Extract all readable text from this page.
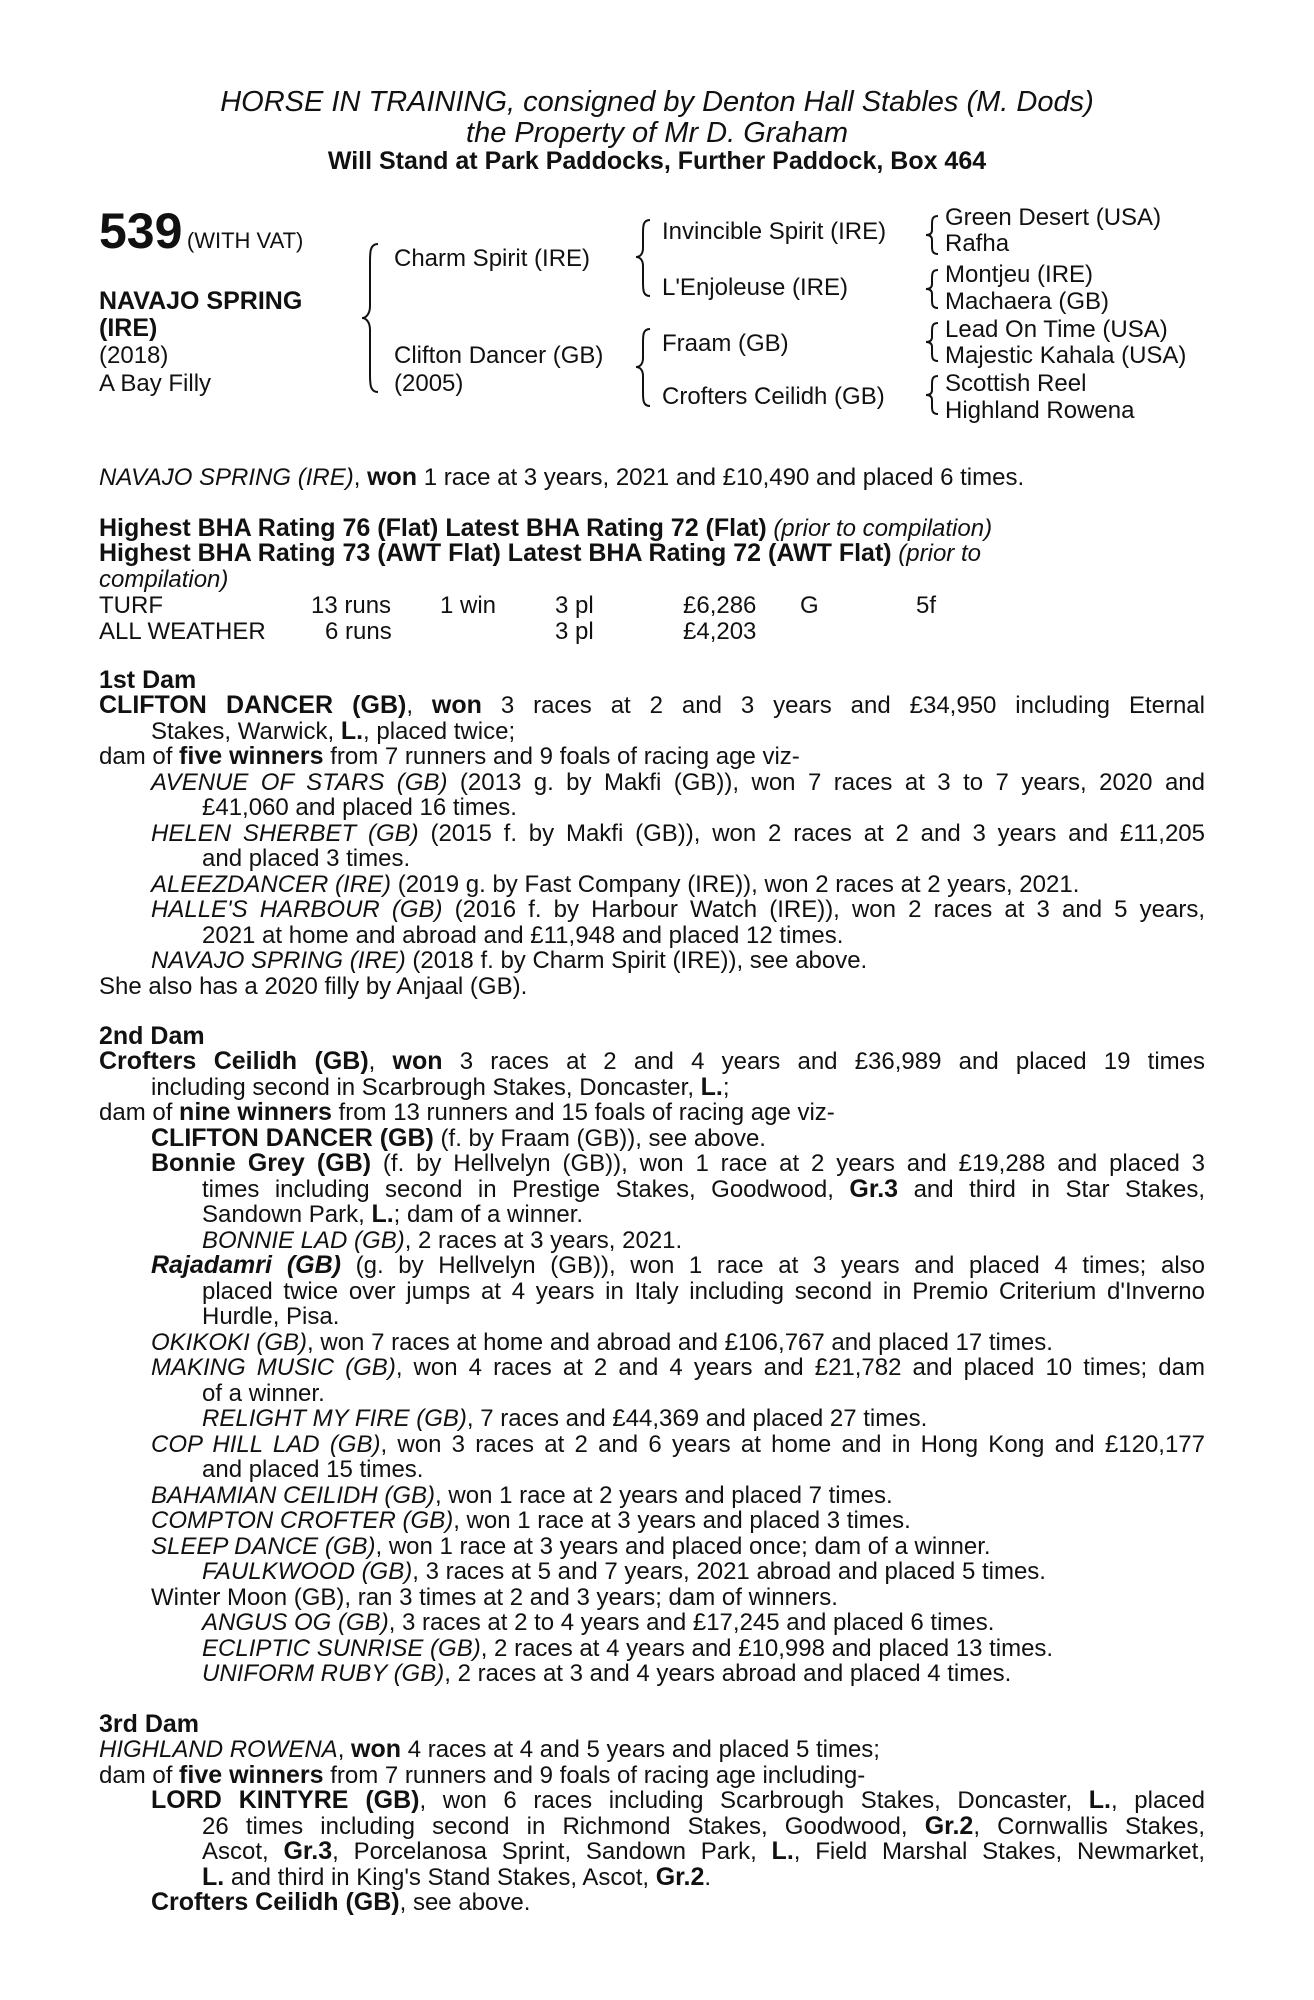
HORSE IN TRAINING, consigned by Denton Hall Stables (M. Dods)
the Property of Mr D. Graham
Will Stand at Park Paddocks, Further Paddock, Box 464
539 (WITH VAT)
NAVAJO SPRING
(IRE)
(2018)
A Bay Filly
Charm Spirit (IRE)
Clifton Dancer (GB)
(2005)
Invincible Spirit (IRE)
L'Enjoleuse (IRE)
Fraam (GB)
Crofters Ceilidh (GB)
Green Desert (USA)
Rafha
Montjeu (IRE)
Machaera (GB)
Lead On Time (USA)
Majestic Kahala (USA)
Scottish Reel
Highland Rowena
NAVAJO SPRING (IRE), won 1 race at 3 years, 2021 and £10,490 and placed 6 times.
Highest BHA Rating 76 (Flat) Latest BHA Rating 72 (Flat) (prior to compilation)
Highest BHA Rating 73 (AWT Flat) Latest BHA Rating 72 (AWT Flat) (prior to
compilation)
TURF	13 runs 1 win 3 pl	£6,286 G	5f
ALL WEATHER 6 runs	3 pl	£4,203
1st Dam
CLIFTON DANCER (GB), won 3 races at 2 and 3 years and £34,950 including Eternal
Stakes, Warwick, L., placed twice;
dam of five winners from 7 runners and 9 foals of racing age viz-
AVENUE OF STARS (GB) (2013 g. by Makfi (GB)), won 7 races at 3 to 7 years, 2020 and
£41,060 and placed 16 times.
HELEN SHERBET (GB) (2015 f. by Makfi (GB)), won 2 races at 2 and 3 years and £11,205
and placed 3 times.
ALEEZDANCER (IRE) (2019 g. by Fast Company (IRE)), won 2 races at 2 years, 2021.
HALLE'S HARBOUR (GB) (2016 f. by Harbour Watch (IRE)), won 2 races at 3 and 5 years,
2021 at home and abroad and £11,948 and placed 12 times.
NAVAJO SPRING (IRE) (2018 f. by Charm Spirit (IRE)), see above.
She also has a 2020 filly by Anjaal (GB).
2nd Dam
Crofters Ceilidh (GB), won 3 races at 2 and 4 years and £36,989 and placed 19 times
including second in Scarbrough Stakes, Doncaster, L.;
dam of nine winners from 13 runners and 15 foals of racing age viz-
CLIFTON DANCER (GB) (f. by Fraam (GB)), see above.
Bonnie Grey (GB) (f. by Hellvelyn (GB)), won 1 race at 2 years and £19,288 and placed 3
times including second in Prestige Stakes, Goodwood, Gr.3 and third in Star Stakes,
Sandown Park, L.; dam of a winner.
BONNIE LAD (GB), 2 races at 3 years, 2021.
Rajadamri (GB) (g. by Hellvelyn (GB)), won 1 race at 3 years and placed 4 times; also
placed twice over jumps at 4 years in Italy including second in Premio Criterium d'Inverno
Hurdle, Pisa.
OKIKOKI (GB), won 7 races at home and abroad and £106,767 and placed 17 times.
MAKING MUSIC (GB), won 4 races at 2 and 4 years and £21,782 and placed 10 times; dam
of a winner.
RELIGHT MY FIRE (GB), 7 races and £44,369 and placed 27 times.
COP HILL LAD (GB), won 3 races at 2 and 6 years at home and in Hong Kong and £120,177
and placed 15 times.
BAHAMIAN CEILIDH (GB), won 1 race at 2 years and placed 7 times.
COMPTON CROFTER (GB), won 1 race at 3 years and placed 3 times.
SLEEP DANCE (GB), won 1 race at 3 years and placed once; dam of a winner.
FAULKWOOD (GB), 3 races at 5 and 7 years, 2021 abroad and placed 5 times.
Winter Moon (GB), ran 3 times at 2 and 3 years; dam of winners.
ANGUS OG (GB), 3 races at 2 to 4 years and £17,245 and placed 6 times.
ECLIPTIC SUNRISE (GB), 2 races at 4 years and £10,998 and placed 13 times.
UNIFORM RUBY (GB), 2 races at 3 and 4 years abroad and placed 4 times.
3rd Dam
HIGHLAND ROWENA, won 4 races at 4 and 5 years and placed 5 times;
dam of five winners from 7 runners and 9 foals of racing age including-
LORD KINTYRE (GB), won 6 races including Scarbrough Stakes, Doncaster, L., placed
26 times including second in Richmond Stakes, Goodwood, Gr.2, Cornwallis Stakes,
Ascot, Gr.3, Porcelanosa Sprint, Sandown Park, L., Field Marshal Stakes, Newmarket,
L. and third in King's Stand Stakes, Ascot, Gr.2.
Crofters Ceilidh (GB), see above.
